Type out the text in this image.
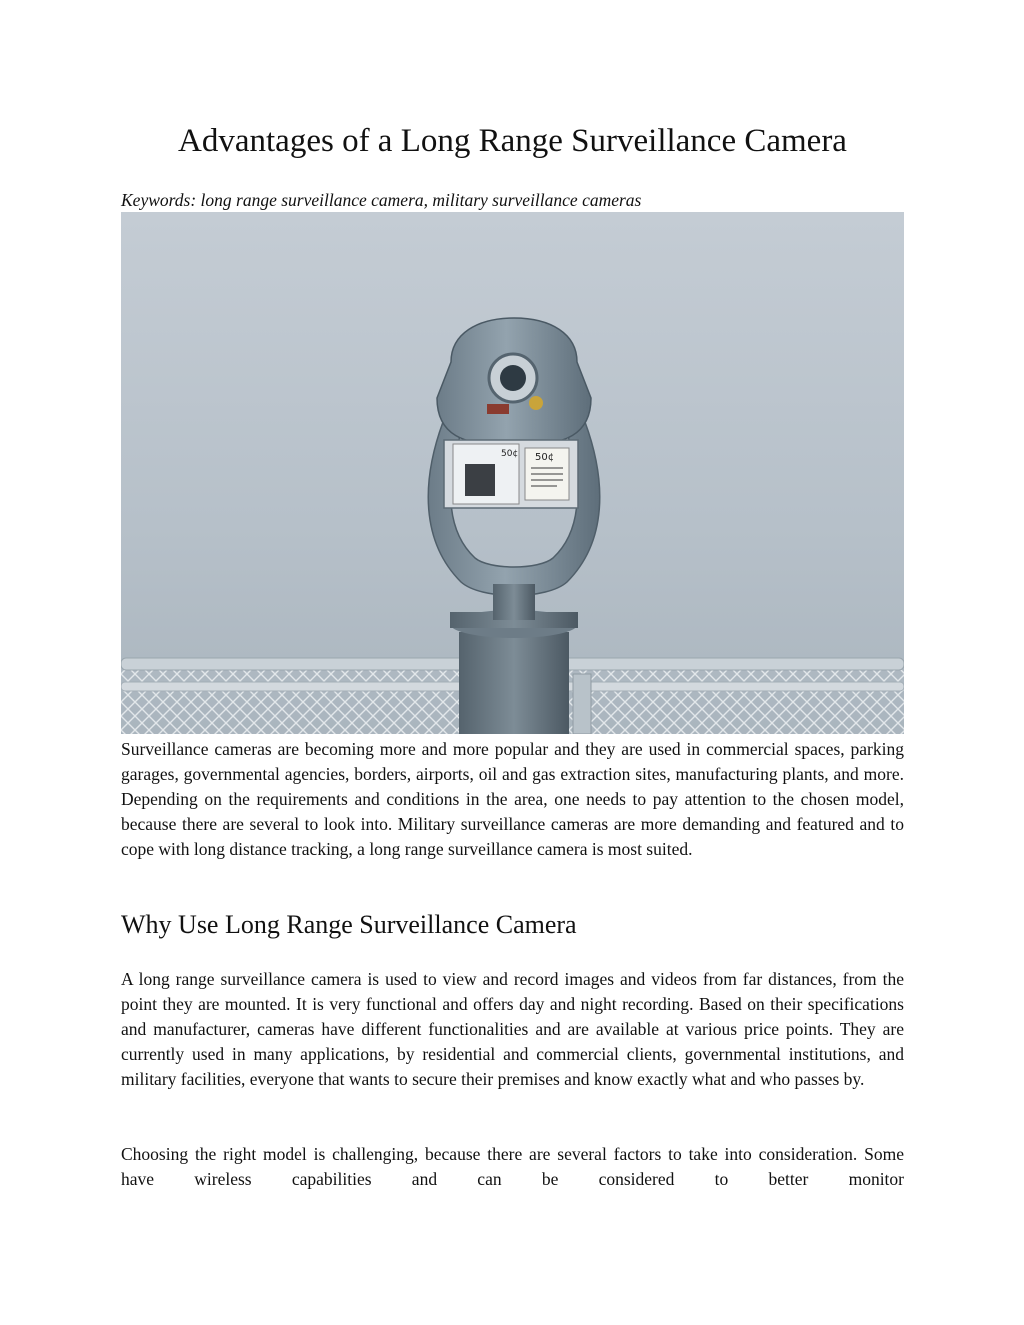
Advantages of a Long Range Surveillance Camera

Keywords: long range surveillance camera, military surveillance cameras

50¢ 50¢

Surveillance cameras are becoming more and more popular and they are used in commercial spaces, parking garages, governmental agencies, borders, airports, oil and gas extraction sites, manufacturing plants, and more. Depending on the requirements and conditions in the area, one needs to pay attention to the chosen model, because there are several to look into. Military surveillance cameras are more demanding and featured and to cope with long distance tracking, a long range surveillance camera is most suited.

Why Use Long Range Surveillance Camera

A long range surveillance camera is used to view and record images and videos from far distances, from the point they are mounted. It is very functional and offers day and night recording. Based on their specifications and manufacturer, cameras have different functionalities and are available at various price points. They are currently used in many applications, by residential and commercial clients, governmental institutions, and military facilities, everyone that wants to secure their premises and know exactly what and who passes by.

Choosing the right model is challenging, because there are several factors to take into consideration. Some have wireless capabilities and can be considered to better monitor
